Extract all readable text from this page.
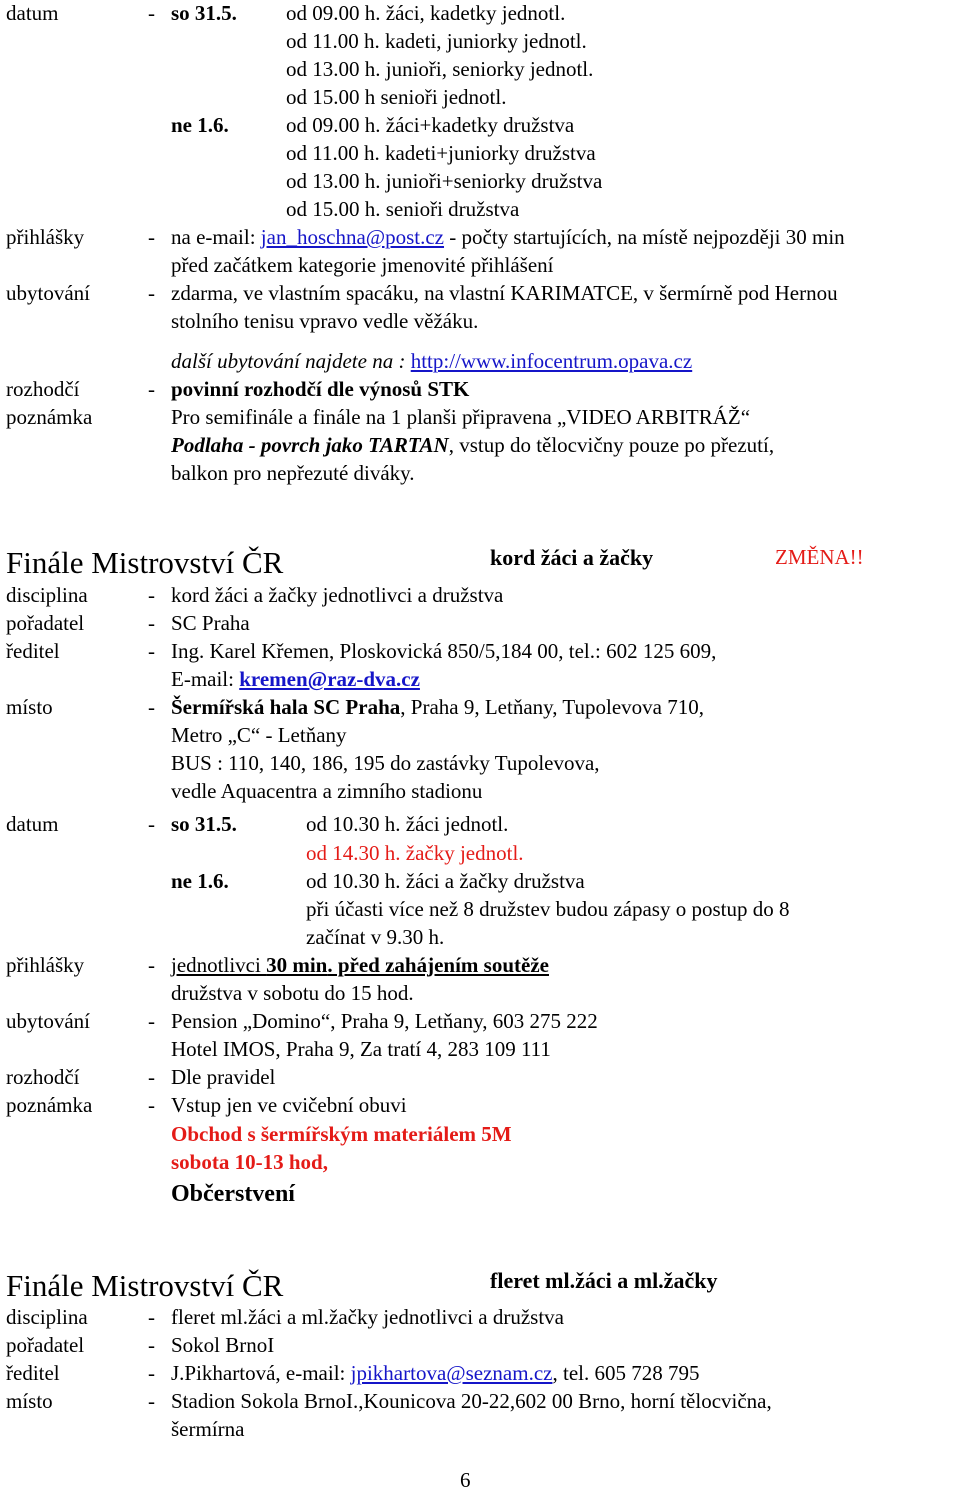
datum	- so 31.5. od 09.00 h. žáci, kadetky jednotl.
od 11.00 h. kadeti, juniorky jednotl.
od 13.00 h. junioři, seniorky jednotl.
od 15.00 h senioři jednotl.
ne 1.6.	od 09.00 h. žáci+kadetky družstva
od 11.00 h. kadeti+juniorky družstva
od 13.00 h. junioři+seniorky družstva
od 15.00 h. senioři družstva
přihlášky	- na e-mail: jan_hoschna@post.cz - počty startujících, na místě nejpozději 30 min
před začátkem kategorie jmenovité přihlášení
ubytování	- zdarma, ve vlastním spacáku, na vlastní KARIMATCE, v šermírně pod Hernou
stolního tenisu vpravo vedle věžáku.
další ubytování najdete na : http://www.infocentrum.opava.cz
rozhodčí	- povinní rozhodčí dle výnosů STK
poznámka	Pro semifinále a finále na 1 planši připravena „VIDEO ARBITRÁŽ“
Podlaha - povrch jako TARTAN, vstup do tělocvičny pouze po přezutí,
balkon pro nepřezuté diváky.
Finále Mistrovství ČR	kord žáci a žačky	ZMĚNA!!
disciplina	- kord žáci a žačky jednotlivci a družstva
pořadatel	- SC Praha
ředitel	- Ing. Karel Křemen, Ploskovická 850/5,184 00, tel.: 602 125 609,
E-mail: kremen@raz-dva.cz
místo	- Šermířská hala SC Praha, Praha 9, Letňany, Tupolevova 710,
Metro „C“ - Letňany
BUS : 110, 140, 186, 195 do zastávky Tupolevova,
vedle Aquacentra a zimního stadionu
datum	- so 31.5.	od 10.30 h. žáci jednotl.
od 14.30 h. žačky jednotl.
ne 1.6.	od 10.30 h. žáci a žačky družstva
při účasti více než 8 družstev budou zápasy o postup do 8
začínat v 9.30 h.
přihlášky	- jednotlivci 30 min. před zahájením soutěže
družstva v sobotu do 15 hod.
ubytování	- Pension „Domino“, Praha 9, Letňany, 603 275 222
Hotel IMOS, Praha 9, Za tratí 4, 283 109 111
rozhodčí	- Dle pravidel
poznámka	- Vstup jen ve cvičební obuvi
Obchod s šermířským materiálem 5M
sobota 10-13 hod,
Občerstvení
Finále Mistrovství ČR	fleret ml.žáci a ml.žačky
disciplina	- fleret ml.žáci a ml.žačky jednotlivci a družstva
pořadatel	- Sokol BrnoI
ředitel	- J.Pikhartová, e-mail: jpikhartova@seznam.cz, tel. 605 728 795
místo	- Stadion Sokola BrnoI.,Kounicova 20-22,602 00 Brno, horní tělocvična,
šermírna
6
